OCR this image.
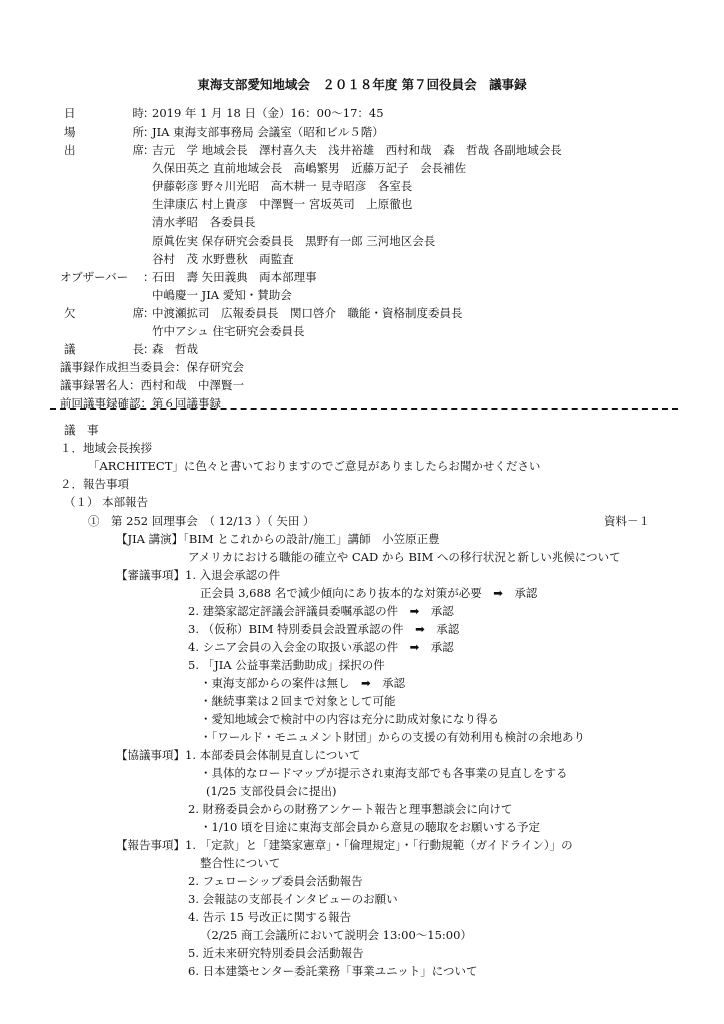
東海支部愛知地域会　２０１８年度 第７回役員会　議事録
日　時 ：
2019 年 1 月 18 日（金）16：00～17：45
場　所 ：
JIA 東海支部事務局 会議室（昭和ビル５階）
出　席 ：
吉元　学 地域会長　澤村喜久夫　浅井裕雄　西村和哉　森　哲哉 各副地域会長
久保田英之 直前地域会長　高嶋繁男　近藤万記子　会長補佐
伊藤彰彦 野々川光昭　高木耕一 見寺昭彦　各室長
生津康広 村上貴彦　中澤賢一 宮坂英司　上原徹也
清水孝昭　各委員長
原眞佐実 保存研究会委員長　黒野有一郎 三河地区会長
谷村　茂 水野豊秋　両監査
オブザーバー ：
石田　壽 矢田義典　両本部理事
中嶋慶一 JIA 愛知・賛助会
欠　席 ：
中渡瀬拡司　広報委員長　関口啓介　職能・資格制度委員長
竹中アシュ 住宅研究会委員長
議　長 ：
森　哲哉
議事録作成担当委員会：保存研究会
議事録署名人：西村和哉　中澤賢一
前回議事録確認：第６回議事録
議　事
１．地域会長挨拶
「ARCHITECT」に色々と書いておりますのでご意見がありましたらお聞かせください
２．報告事項
（１） 本部報告
①　第 252 回理事会　（ 12/13 ）（ 矢田 ）	資料－１
【JIA 講演】「BIM とこれからの設計/施工」講師　小笠原正豊
アメリカにおける職能の確立や CAD から BIM への移行状況と新しい兆候について
【審議事項】1. 入退会承認の件
正会員 3,688 名で減少傾向にあり抜本的な対策が必要　 ➡　 承認
2. 建築家認定評議会評議員委嘱承認の件　 ➡　 承認
3. （仮称）BIM 特別委員会設置承認の件　 ➡　 承認
4. シニア会員の入会金の取扱い承認の件　 ➡　 承認
5. 「JIA 公益事業活動助成」採択の件
・東海支部からの案件は無し　 ➡　 承認
・継続事業は２回まで対象として可能
・愛知地域会で検討中の内容は充分に助成対象になり得る
・「ワールド・モニュメント財団」からの支援の有効利用も検討の余地あり
【協議事項】1. 本部委員会体制見直しについて
・具体的なロードマップが提示され東海支部でも各事業の見直しをする
(1/25 支部役員会に提出)
2. 財務委員会からの財務アンケート報告と理事懇談会に向けて
・1/10 頃を目途に東海支部会員から意見の聴取をお願いする予定
【報告事項】1. 「定款」と「建築家憲章」・「倫理規定」・「行動規範（ガイドライン）」の
整合性について
2. フェローシップ委員会活動報告
3. 会報誌の支部長インタビューのお願い
4. 告示 15 号改正に関する報告
（2/25 商工会議所において説明会 13:00～15:00）
5. 近未来研究特別委員会活動報告
6. 日本建築センター委託業務「事業ユニット」について
